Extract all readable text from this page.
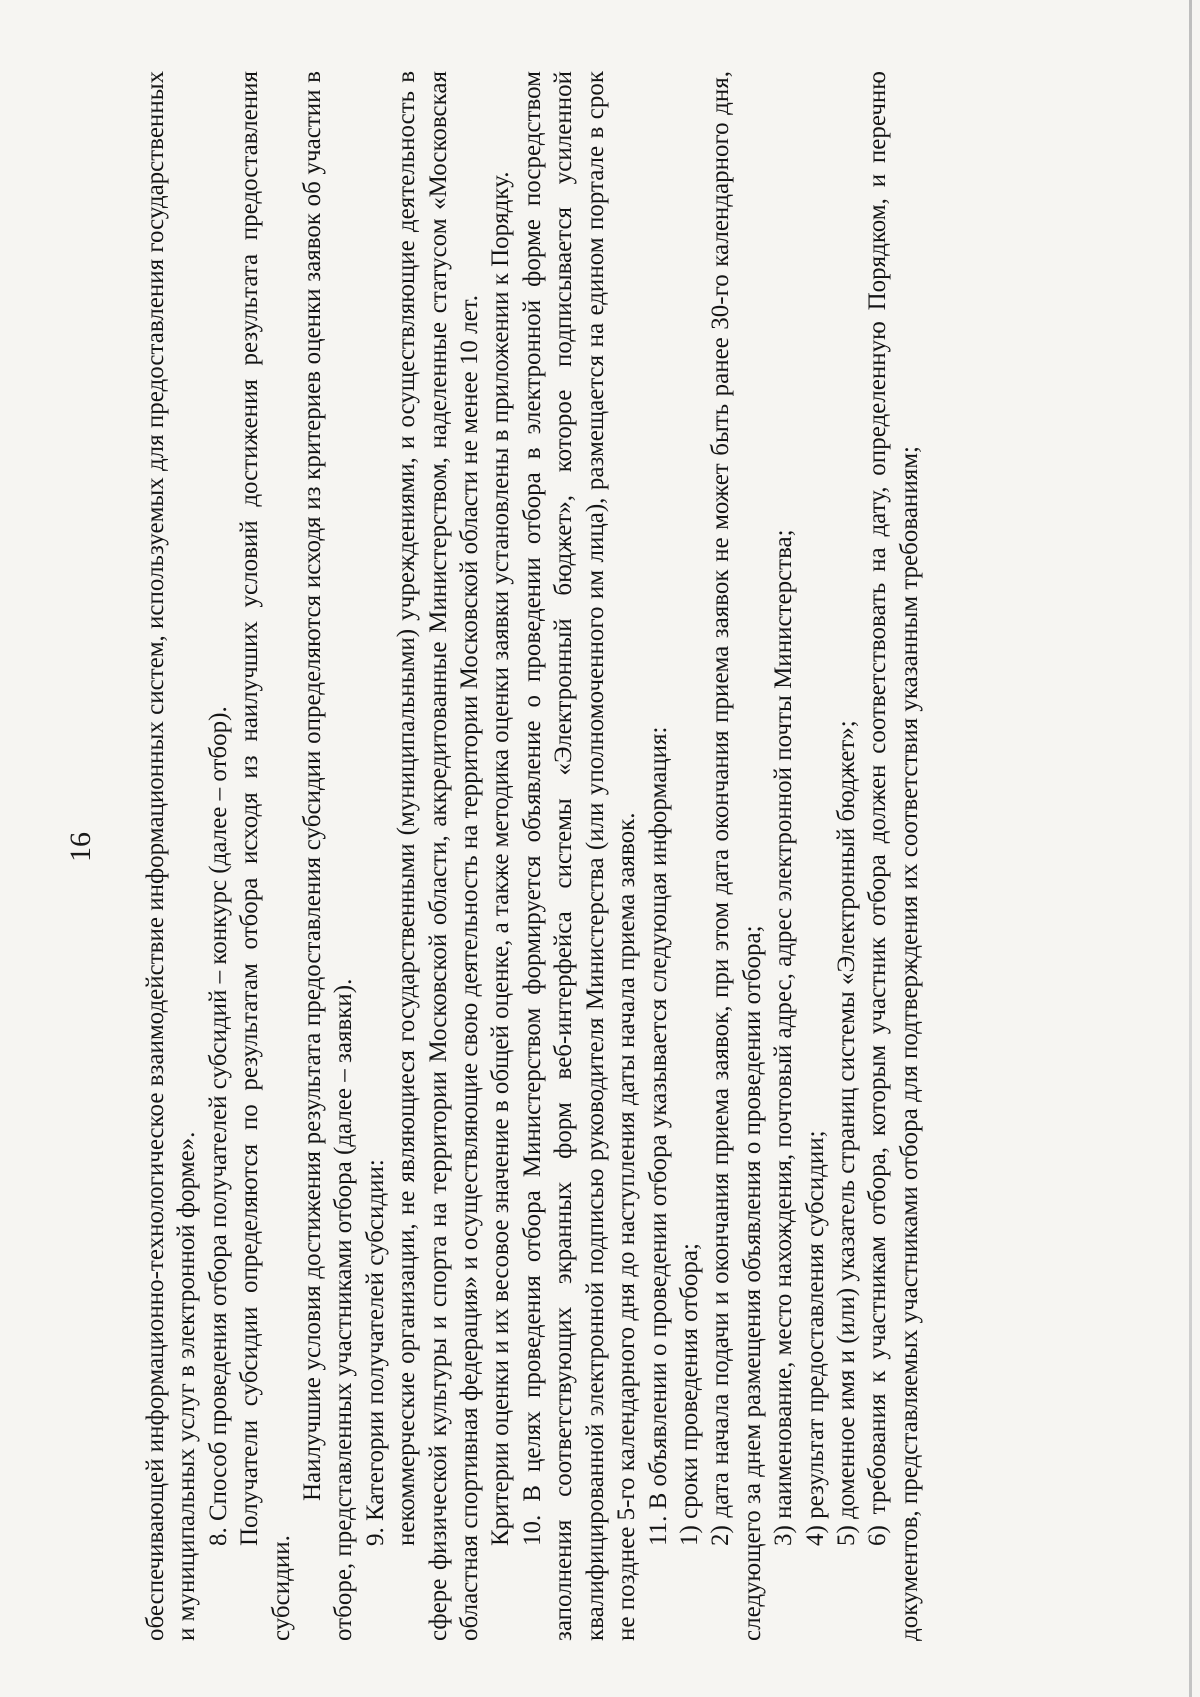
16 обеспечивающей информационно-технологическое взаимодействие информационных систем, используемых для предоставления государственных и муниципальных услуг в электронной форме». 8. Способ проведения отбора получателей субсидий – конкурс (далее – отбор). Получатели субсидии определяются по результатам отбора исходя из наилучших условий достижения результата предоставления субсидии.

Наилучшие условия достижения результата предоставления субсидии определяются исходя из критериев оценки заявок об участии в отборе, представленных участниками отбора (далее – заявки). 9. Категории получателей субсидии: некоммерческие организации, не являющиеся государственными (муниципальными) учреждениями, и осуществляющие деятельность в сфере физической культуры и спорта на территории Московской области, аккредитованные Министерством, наделенные статусом «Московская областная спортивная федерация» и осуществляющие свою деятельность на территории Московской области не менее 10 лет. Критерии оценки и их весовое значение в общей оценке, а также методика оценки заявки установлены в приложении к Порядку. 10. В целях проведения отбора Министерством формируется объявление о проведении отбора в электронной форме посредством заполнения соответствующих экранных форм веб-интерфейса системы «Электронный бюджет», которое подписывается усиленной квалифицированной электронной подписью руководителя Министерства (или уполномоченного им лица), размещается на едином портале в срок не позднее 5-го календарного дня до наступления даты начала приема заявок. 11. В объявлении о проведении отбора указывается следующая информация: 1) сроки проведения отбора; 2) дата начала подачи и окончания приема заявок, при этом дата окончания приема заявок не может быть ранее 30-го календарного дня, следующего за днем размещения объявления о проведении отбора; 3) наименование, место нахождения, почтовый адрес, адрес электронной почты Министерства; 4) результат предоставления субсидии; 5) доменное имя и (или) указатель страниц системы «Электронный бюджет»; 6) требования к участникам отбора, которым участник отбора должен соответствовать на дату, определенную Порядком, и перечню документов, представляемых участниками отбора для подтверждения их соответствия указанным требованиям;
